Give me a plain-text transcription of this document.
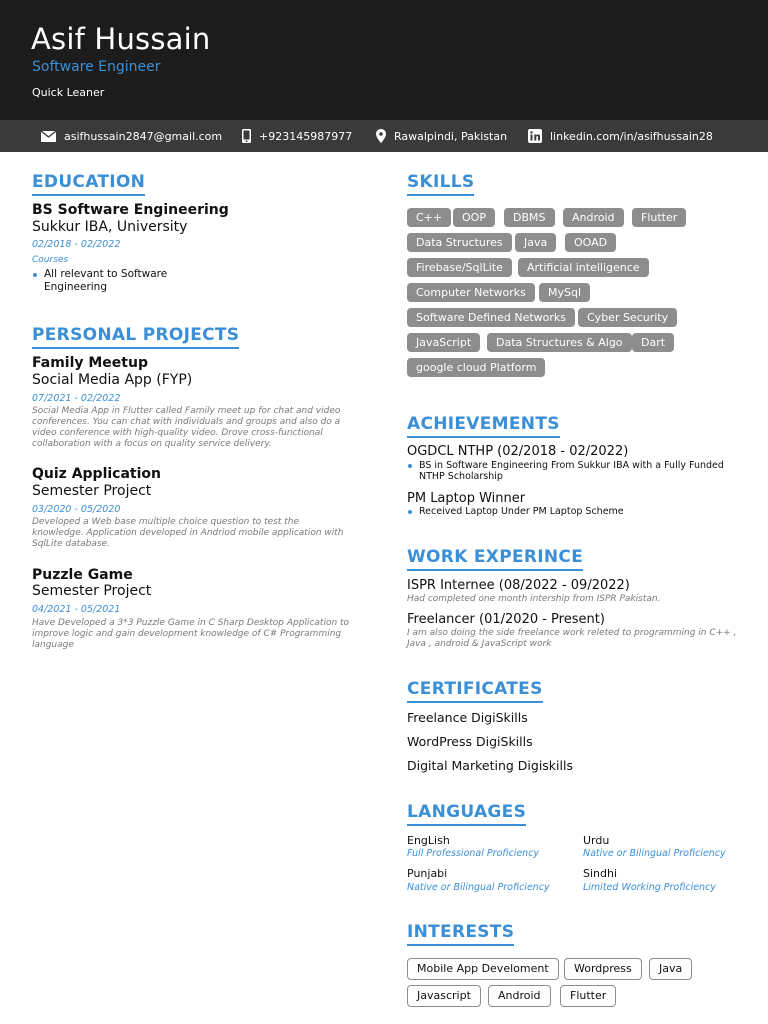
Asif Hussain
Software Engineer
Quick Leaner
asifhussain2847@gmail.com	+923145987977	Rawalpindi, Pakistan	linkedin.com/in/asifhussain28
EDUCATION
BS Software Engineering
Sukkur IBA, University
02/2018 - 02/2022
Courses
All relevant to Software Engineering
PERSONAL PROJECTS
Family Meetup
Social Media App (FYP)
07/2021 - 02/2022
Social Media App in Flutter called Family meet up for chat and video conferences. You can chat with individuals and groups and also do a video conference with high-quality video. Drove cross-functional collaboration with a focus on quality service delivery.
Quiz Application
Semester Project
03/2020 - 05/2020
Developed a Web base multiple choice question to test the knowledge. Application developed in Andriod mobile application with SqlLite database.
Puzzle Game
Semester Project
04/2021 - 05/2021
Have Developed a 3*3 Puzzle Game in C Sharp Desktop Application to improve logic and gain development knowledge of C# Programming language
SKILLS
C++	OOP	DBMS	Android	Flutter
Data Structures	Java	OOAD
Firebase/SqlLite	Artificial intelligence
Computer Networks	MySql
Software Defined Networks	Cyber Security
JavaScript	Data Structures & Algo	Dart
google cloud Platform
ACHIEVEMENTS
OGDCL NTHP (02/2018 - 02/2022)
BS in Software Engineering From Sukkur IBA with a Fully Funded NTHP Scholarship
PM Laptop Winner
Received Laptop Under PM Laptop Scheme
WORK EXPERINCE
ISPR Internee (08/2022 - 09/2022)
Had completed one month intership from ISPR Pakistan.
Freelancer (01/2020 - Present)
I am also doing the side freelance work releted to programming in C++ , Java , android & JavaScript work
CERTIFICATES
Freelance DigiSkills
WordPress DigiSkills
Digital Marketing Digiskills
LANGUAGES
EngLish
Full Professional Proficiency
Urdu
Native or Bilingual Proficiency
Punjabi
Native or Bilingual Proficiency
Sindhi
Limited Working Proficiency
INTERESTS
Mobile App Develoment	Wordpress	Java
Javascript	Android	Flutter
